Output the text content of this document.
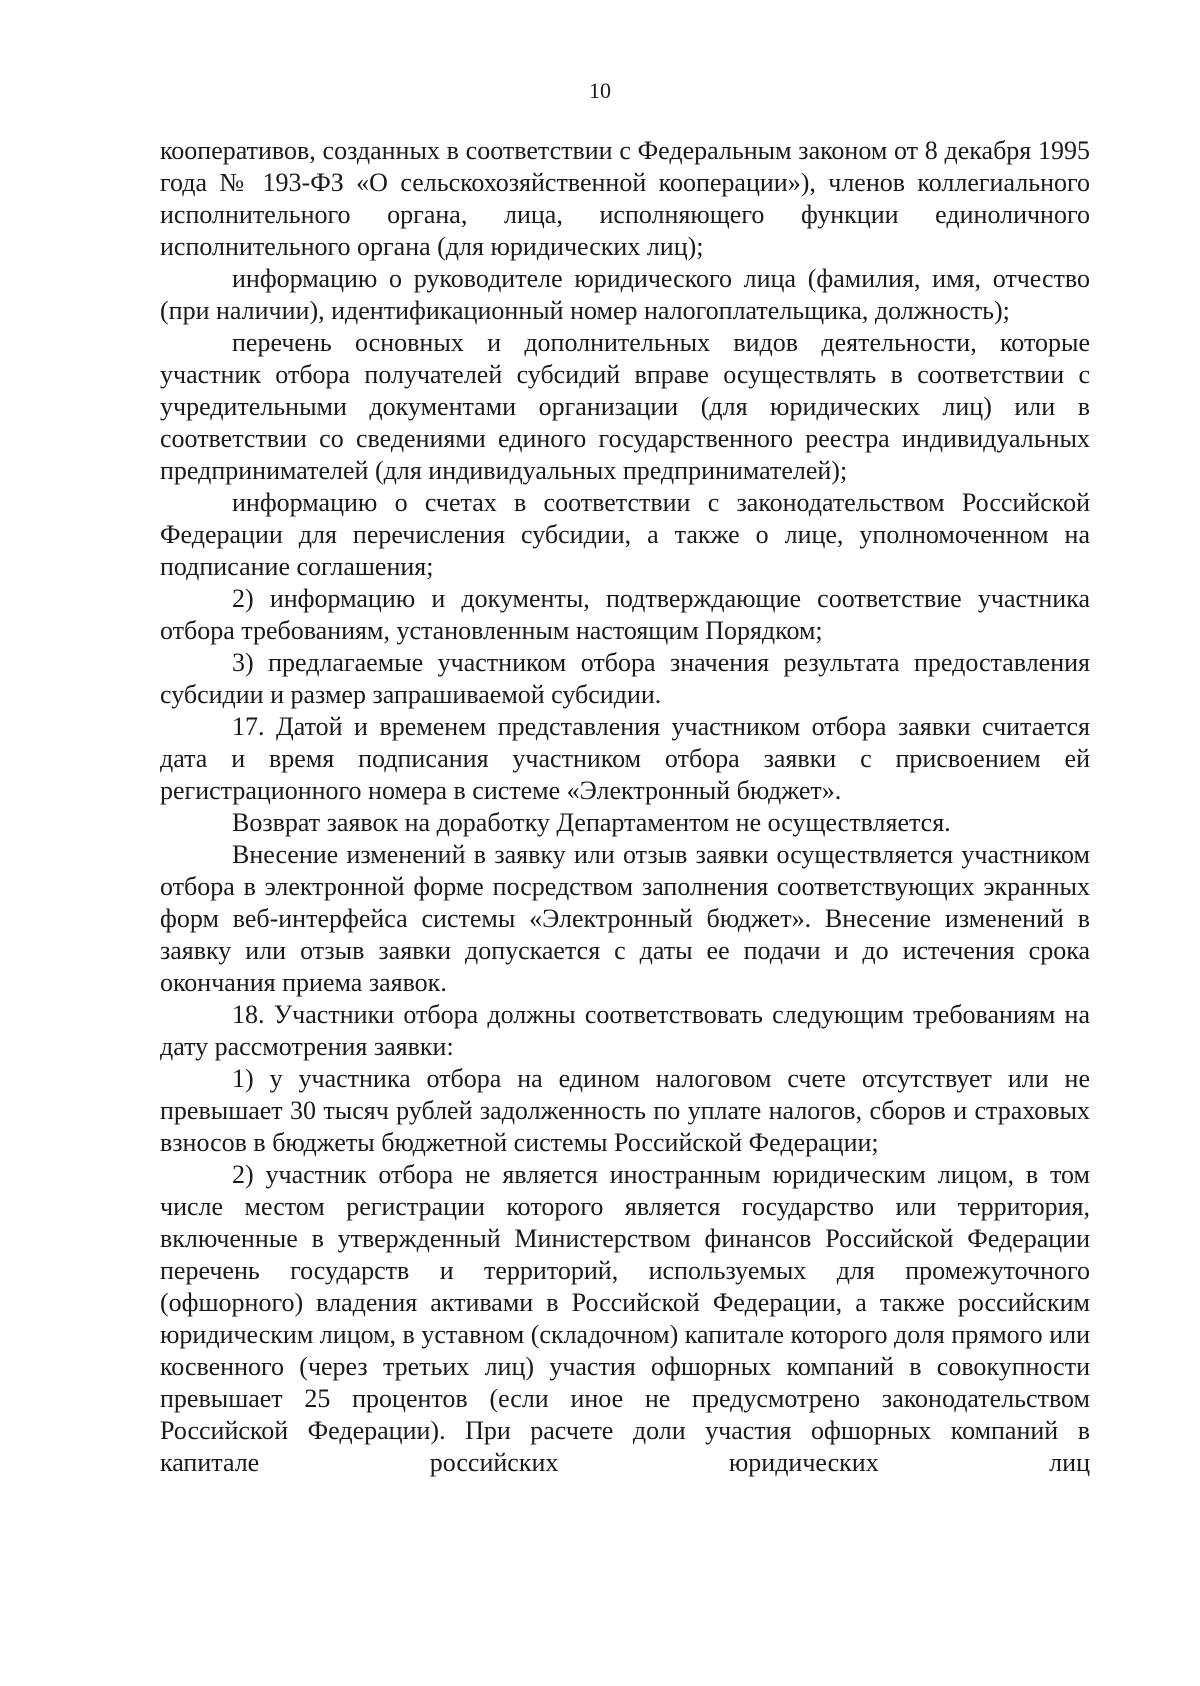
10

кооперативов, созданных в соответствии с Федеральным законом от 8 декабря 1995 года № 193-ФЗ «О сельскохозяйственной кооперации»), членов коллегиального исполнительного органа, лица, исполняющего функции единоличного исполнительного органа (для юридических лиц);

информацию о руководителе юридического лица (фамилия, имя, отчество (при наличии), идентификационный номер налогоплательщика, должность);

перечень основных и дополнительных видов деятельности, которые участник отбора получателей субсидий вправе осуществлять в соответствии с учредительными документами организации (для юридических лиц) или в соответствии со сведениями единого государственного реестра индивидуальных предпринимателей (для индивидуальных предпринимателей);

информацию о счетах в соответствии с законодательством Российской Федерации для перечисления субсидии, а также о лице, уполномоченном на подписание соглашения;

2) информацию и документы, подтверждающие соответствие участника отбора требованиям, установленным настоящим Порядком;

3) предлагаемые участником отбора значения результата предоставления субсидии и размер запрашиваемой субсидии.

17. Датой и временем представления участником отбора заявки считается дата и время подписания участником отбора заявки с присвоением ей регистрационного номера в системе «Электронный бюджет».

Возврат заявок на доработку Департаментом не осуществляется.

Внесение изменений в заявку или отзыв заявки осуществляется участником отбора в электронной форме посредством заполнения соответствующих экранных форм веб-интерфейса системы «Электронный бюджет». Внесение изменений в заявку или отзыв заявки допускается с даты ее подачи и до истечения срока окончания приема заявок.

18. Участники отбора должны соответствовать следующим требованиям на дату рассмотрения заявки:

1) у участника отбора на едином налоговом счете отсутствует или не превышает 30 тысяч рублей задолженность по уплате налогов, сборов и страховых взносов в бюджеты бюджетной системы Российской Федерации;

2) участник отбора не является иностранным юридическим лицом, в том числе местом регистрации которого является государство или территория, включенные в утвержденный Министерством финансов Российской Федерации перечень государств и территорий, используемых для промежуточного (офшорного) владения активами в Российской Федерации, а также российским юридическим лицом, в уставном (складочном) капитале которого доля прямого или косвенного (через третьих лиц) участия офшорных компаний в совокупности превышает 25 процентов (если иное не предусмотрено законодательством Российской Федерации). При расчете доли участия офшорных компаний в капитале российских юридических лиц
